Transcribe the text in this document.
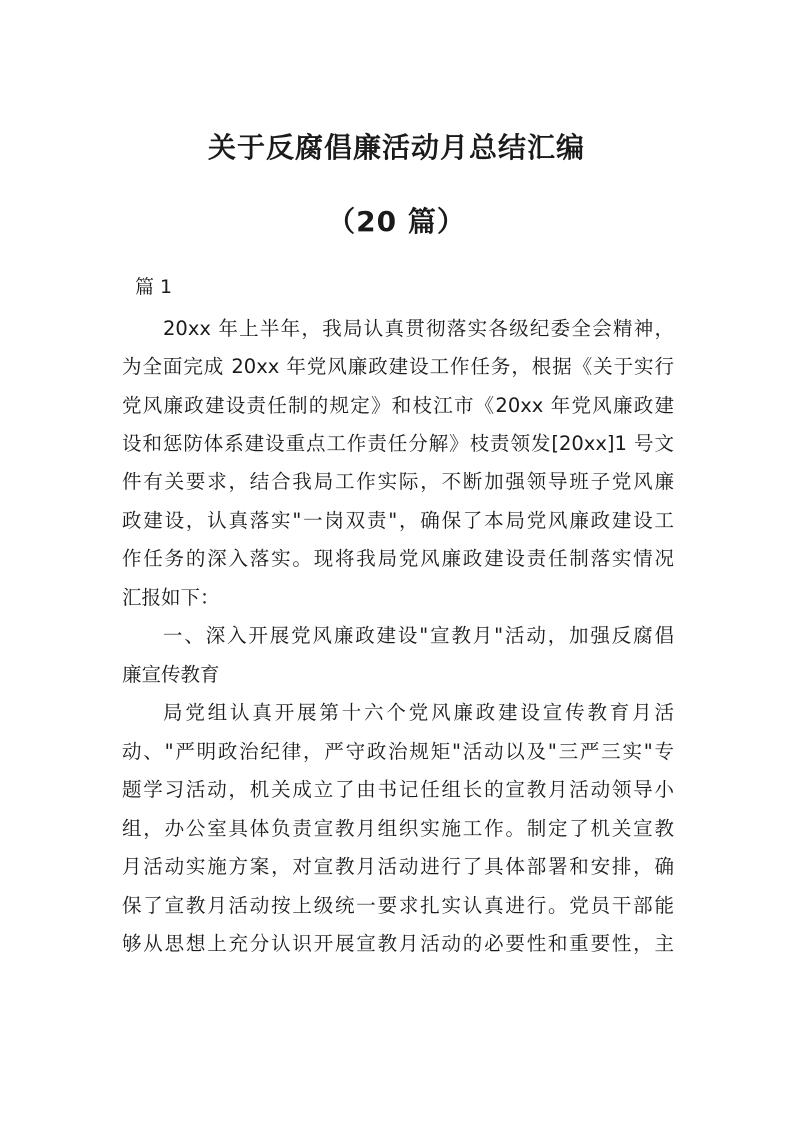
关于反腐倡廉活动月总结汇编
（20 篇）
篇 1
20xx 年上半年，我局认真贯彻落实各级纪委全会精神，
为全面完成 20xx 年党风廉政建设工作任务，根据《关于实行
党风廉政建设责任制的规定》和枝江市《20xx 年党风廉政建
设和惩防体系建设重点工作责任分解》枝责领发[20xx]1 号文
件有关要求，结合我局工作实际，不断加强领导班子党风廉
政建设，认真落实"一岗双责"，确保了本局党风廉政建设工
作任务的深入落实。现将我局党风廉政建设责任制落实情况
汇报如下：
一、深入开展党风廉政建设"宣教月"活动，加强反腐倡
廉宣传教育
局党组认真开展第十六个党风廉政建设宣传教育月活
动、"严明政治纪律，严守政治规矩"活动以及"三严三实"专
题学习活动，机关成立了由书记任组长的宣教月活动领导小
组，办公室具体负责宣教月组织实施工作。制定了机关宣教
月活动实施方案，对宣教月活动进行了具体部署和安排，确
保了宣教月活动按上级统一要求扎实认真进行。党员干部能
够从思想上充分认识开展宣教月活动的必要性和重要性，主
